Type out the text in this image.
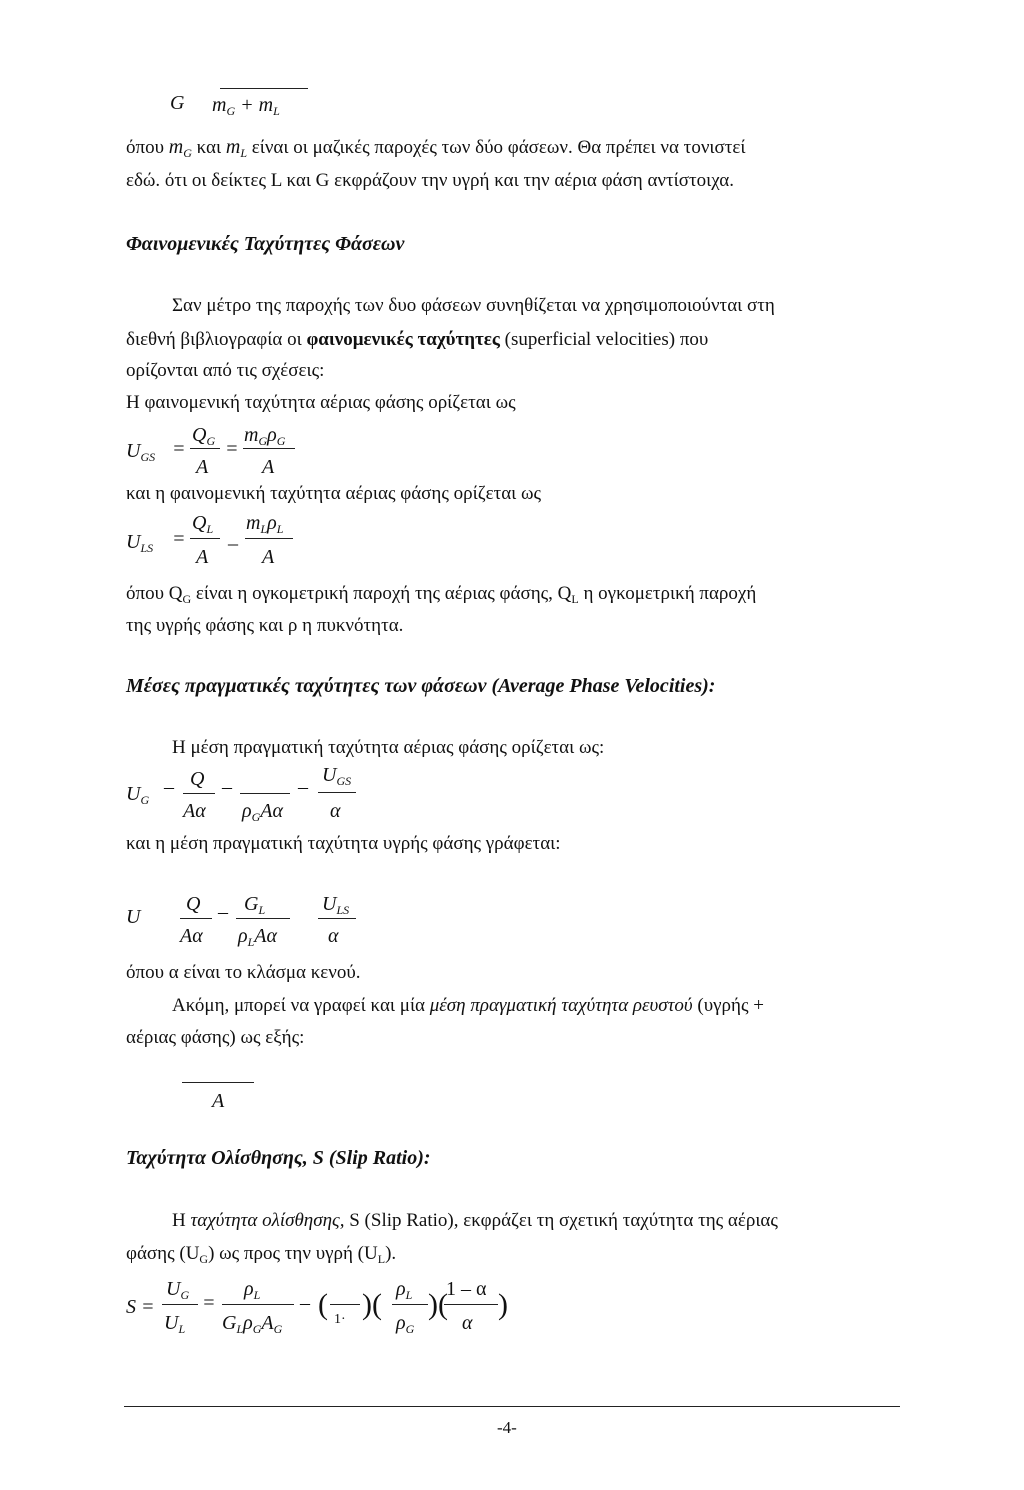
G $m_G + m_L$
όπου $m_G$ και $m_L$ είναι οι μαζικές παροχές των δύο φάσεων. Θα πρέπει να τονιστεί
εδώ. ότι οι δείκτες L και G εκφράζουν την υγρή και την αέρια φάση αντίστοιχα.
Φαινομενικές Ταχύτητες Φάσεων
Σαν μέτρο της παροχής των δυο φάσεων συνηθίζεται να χρησιμοποιούνται στη
διεθνή βιβλιογραφία οι φαινομενικές ταχύτητες (superficial velocities) που
ορίζονται από τις σχέσεις:
Η φαινομενική ταχύτητα αέριας φάσης ορίζεται ως
$U_{GS}$ =
$Q_G$
A
=
$m_G\rho_G$
A
και η φαινομενική ταχύτητα αέριας φάσης ορίζεται ως
$U_{LS}$ =
$Q_L$
A
_
$m_L\rho_L$
A
όπου $Q_G$ είναι η ογκομετρική παροχή της αέριας φάσης, $Q_L$ η ογκομετρική παροχή
της υγρής φάσης και ρ η πυκνότητα.
Μέσες πραγματικές ταχύτητες των φάσεων (Average Phase Velocities):
Η μέση πραγματική ταχύτητα αέριας φάσης ορίζεται ως:
$U_G$
– Q
Aα
–
$\rho_GA\alpha$
–
$U_{GS}$
α
και η μέση πραγματική ταχύτητα υγρής φάσης γράφεται:
U
Q
Aα
– $G_L$
$\rho_LA\alpha$
$U_{LS}$
α
όπου α είναι το κλάσμα κενού.
Ακόμη, μπορεί να γραφεί και μία μέση πραγματική ταχύτητα ρευστού (υγρής +
αέριας φάσης) ως εξής:
A
Ταχύτητα Ολίσθησης, S (Slip Ratio):
Η ταχύτητα ολίσθησης, S (Slip Ratio), εκφράζει τη σχετική ταχύτητα της αέριας
φάσης $(U_G)$ ως προς την υγρή $(U_L)$.
S =
$U_G$
$U_L$
=
$\rho_L$
$G_L\rho_GA_G$
– ( 1· )( $\rho_L$
$\rho_G$
)(
1 – α
α
)
-4-
